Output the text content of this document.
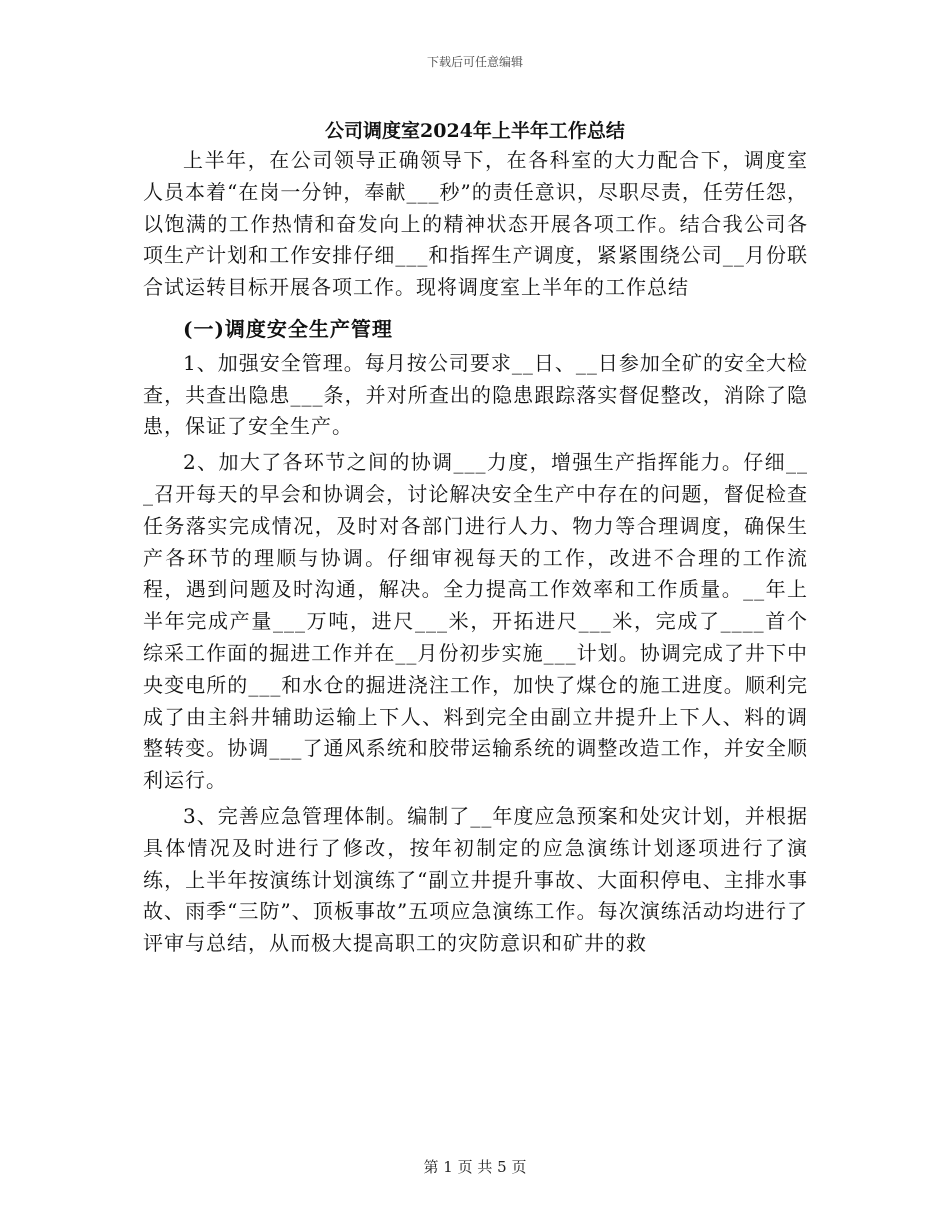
下载后可任意编辑
公司调度室2024年上半年工作总结

上半年，在公司领导正确领导下，在各科室的大力配合下，调度室人员本着“在岗一分钟，奉献___秒”的责任意识，尽职尽责，任劳任怨，以饱满的工作热情和奋发向上的精神状态开展各项工作。结合我公司各项生产计划和工作安排仔细___和指挥生产调度，紧紧围绕公司__月份联合试运转目标开展各项工作。现将调度室上半年的工作总结

(一)调度安全生产管理

1、加强安全管理。每月按公司要求__日、__日参加全矿的安全大检查，共查出隐患___条，并对所查出的隐患跟踪落实督促整改，消除了隐患，保证了安全生产。

2、加大了各环节之间的协调___力度，增强生产指挥能力。仔细___召开每天的早会和协调会，讨论解决安全生产中存在的问题，督促检查任务落实完成情况，及时对各部门进行人力、物力等合理调度，确保生产各环节的理顺与协调。仔细审视每天的工作，改进不合理的工作流程，遇到问题及时沟通，解决。全力提高工作效率和工作质量。__年上半年完成产量___万吨，进尺___米，开拓进尺___米，完成了____首个综采工作面的掘进工作并在__月份初步实施___计划。协调完成了井下中央变电所的___和水仓的掘进浇注工作，加快了煤仓的施工进度。顺利完成了由主斜井辅助运输上下人、料到完全由副立井提升上下人、料的调整转变。协调___了通风系统和胶带运输系统的调整改造工作，并安全顺利运行。

3、完善应急管理体制。编制了__年度应急预案和处灾计划，并根据具体情况及时进行了修改，按年初制定的应急演练计划逐项进行了演练，上半年按演练计划演练了“副立井提升事故、大面积停电、主排水事故、雨季“三防”、顶板事故”五项应急演练工作。每次演练活动均进行了评审与总结，从而极大提高职工的灾防意识和矿井的救

第 1 页 共 5 页
